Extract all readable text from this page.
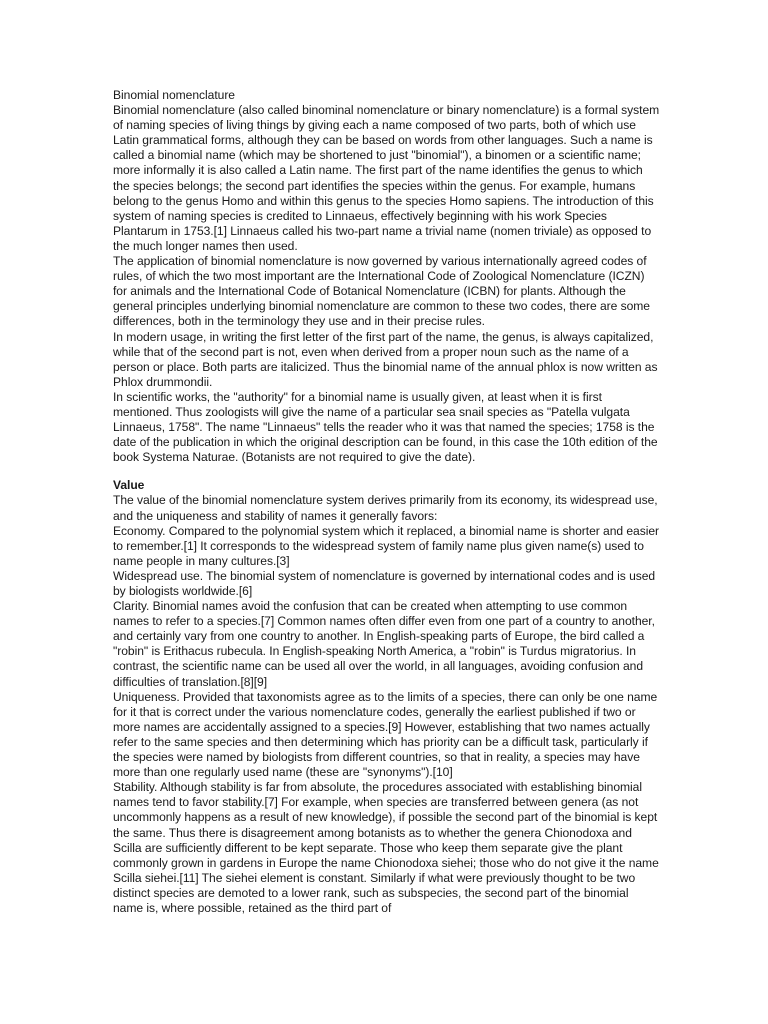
Binomial nomenclature

Binomial nomenclature (also called binominal nomenclature or binary nomenclature) is a formal system of naming species of living things by giving each a name composed of two parts, both of which use Latin grammatical forms, although they can be based on words from other languages. Such a name is called a binomial name (which may be shortened to just "binomial"), a binomen or a scientific name; more informally it is also called a Latin name. The first part of the name identifies the genus to which the species belongs; the second part identifies the species within the genus. For example, humans belong to the genus Homo and within this genus to the species Homo sapiens. The introduction of this system of naming species is credited to Linnaeus, effectively beginning with his work Species Plantarum in 1753.[1] Linnaeus called his two-part name a trivial name (nomen triviale) as opposed to the much longer names then used.

The application of binomial nomenclature is now governed by various internationally agreed codes of rules, of which the two most important are the International Code of Zoological Nomenclature (ICZN) for animals and the International Code of Botanical Nomenclature (ICBN) for plants. Although the general principles underlying binomial nomenclature are common to these two codes, there are some differences, both in the terminology they use and in their precise rules.

In modern usage, in writing the first letter of the first part of the name, the genus, is always capitalized, while that of the second part is not, even when derived from a proper noun such as the name of a person or place. Both parts are italicized. Thus the binomial name of the annual phlox is now written as Phlox drummondii.

In scientific works, the "authority" for a binomial name is usually given, at least when it is first mentioned. Thus zoologists will give the name of a particular sea snail species as "Patella vulgata Linnaeus, 1758". The name "Linnaeus" tells the reader who it was that named the species; 1758 is the date of the publication in which the original description can be found, in this case the 10th edition of the book Systema Naturae. (Botanists are not required to give the date).

Value

The value of the binomial nomenclature system derives primarily from its economy, its widespread use, and the uniqueness and stability of names it generally favors:

Economy. Compared to the polynomial system which it replaced, a binomial name is shorter and easier to remember.[1] It corresponds to the widespread system of family name plus given name(s) used to name people in many cultures.[3]

Widespread use. The binomial system of nomenclature is governed by international codes and is used by biologists worldwide.[6]

Clarity. Binomial names avoid the confusion that can be created when attempting to use common names to refer to a species.[7] Common names often differ even from one part of a country to another, and certainly vary from one country to another. In English-speaking parts of Europe, the bird called a "robin" is Erithacus rubecula. In English-speaking North America, a "robin" is Turdus migratorius. In contrast, the scientific name can be used all over the world, in all languages, avoiding confusion and difficulties of translation.[8][9]

Uniqueness. Provided that taxonomists agree as to the limits of a species, there can only be one name for it that is correct under the various nomenclature codes, generally the earliest published if two or more names are accidentally assigned to a species.[9] However, establishing that two names actually refer to the same species and then determining which has priority can be a difficult task, particularly if the species were named by biologists from different countries, so that in reality, a species may have more than one regularly used name (these are "synonyms").[10]

Stability. Although stability is far from absolute, the procedures associated with establishing binomial names tend to favor stability.[7] For example, when species are transferred between genera (as not uncommonly happens as a result of new knowledge), if possible the second part of the binomial is kept the same. Thus there is disagreement among botanists as to whether the genera Chionodoxa and Scilla are sufficiently different to be kept separate. Those who keep them separate give the plant commonly grown in gardens in Europe the name Chionodoxa siehei; those who do not give it the name Scilla siehei.[11] The siehei element is constant. Similarly if what were previously thought to be two distinct species are demoted to a lower rank, such as subspecies, the second part of the binomial name is, where possible, retained as the third part of
